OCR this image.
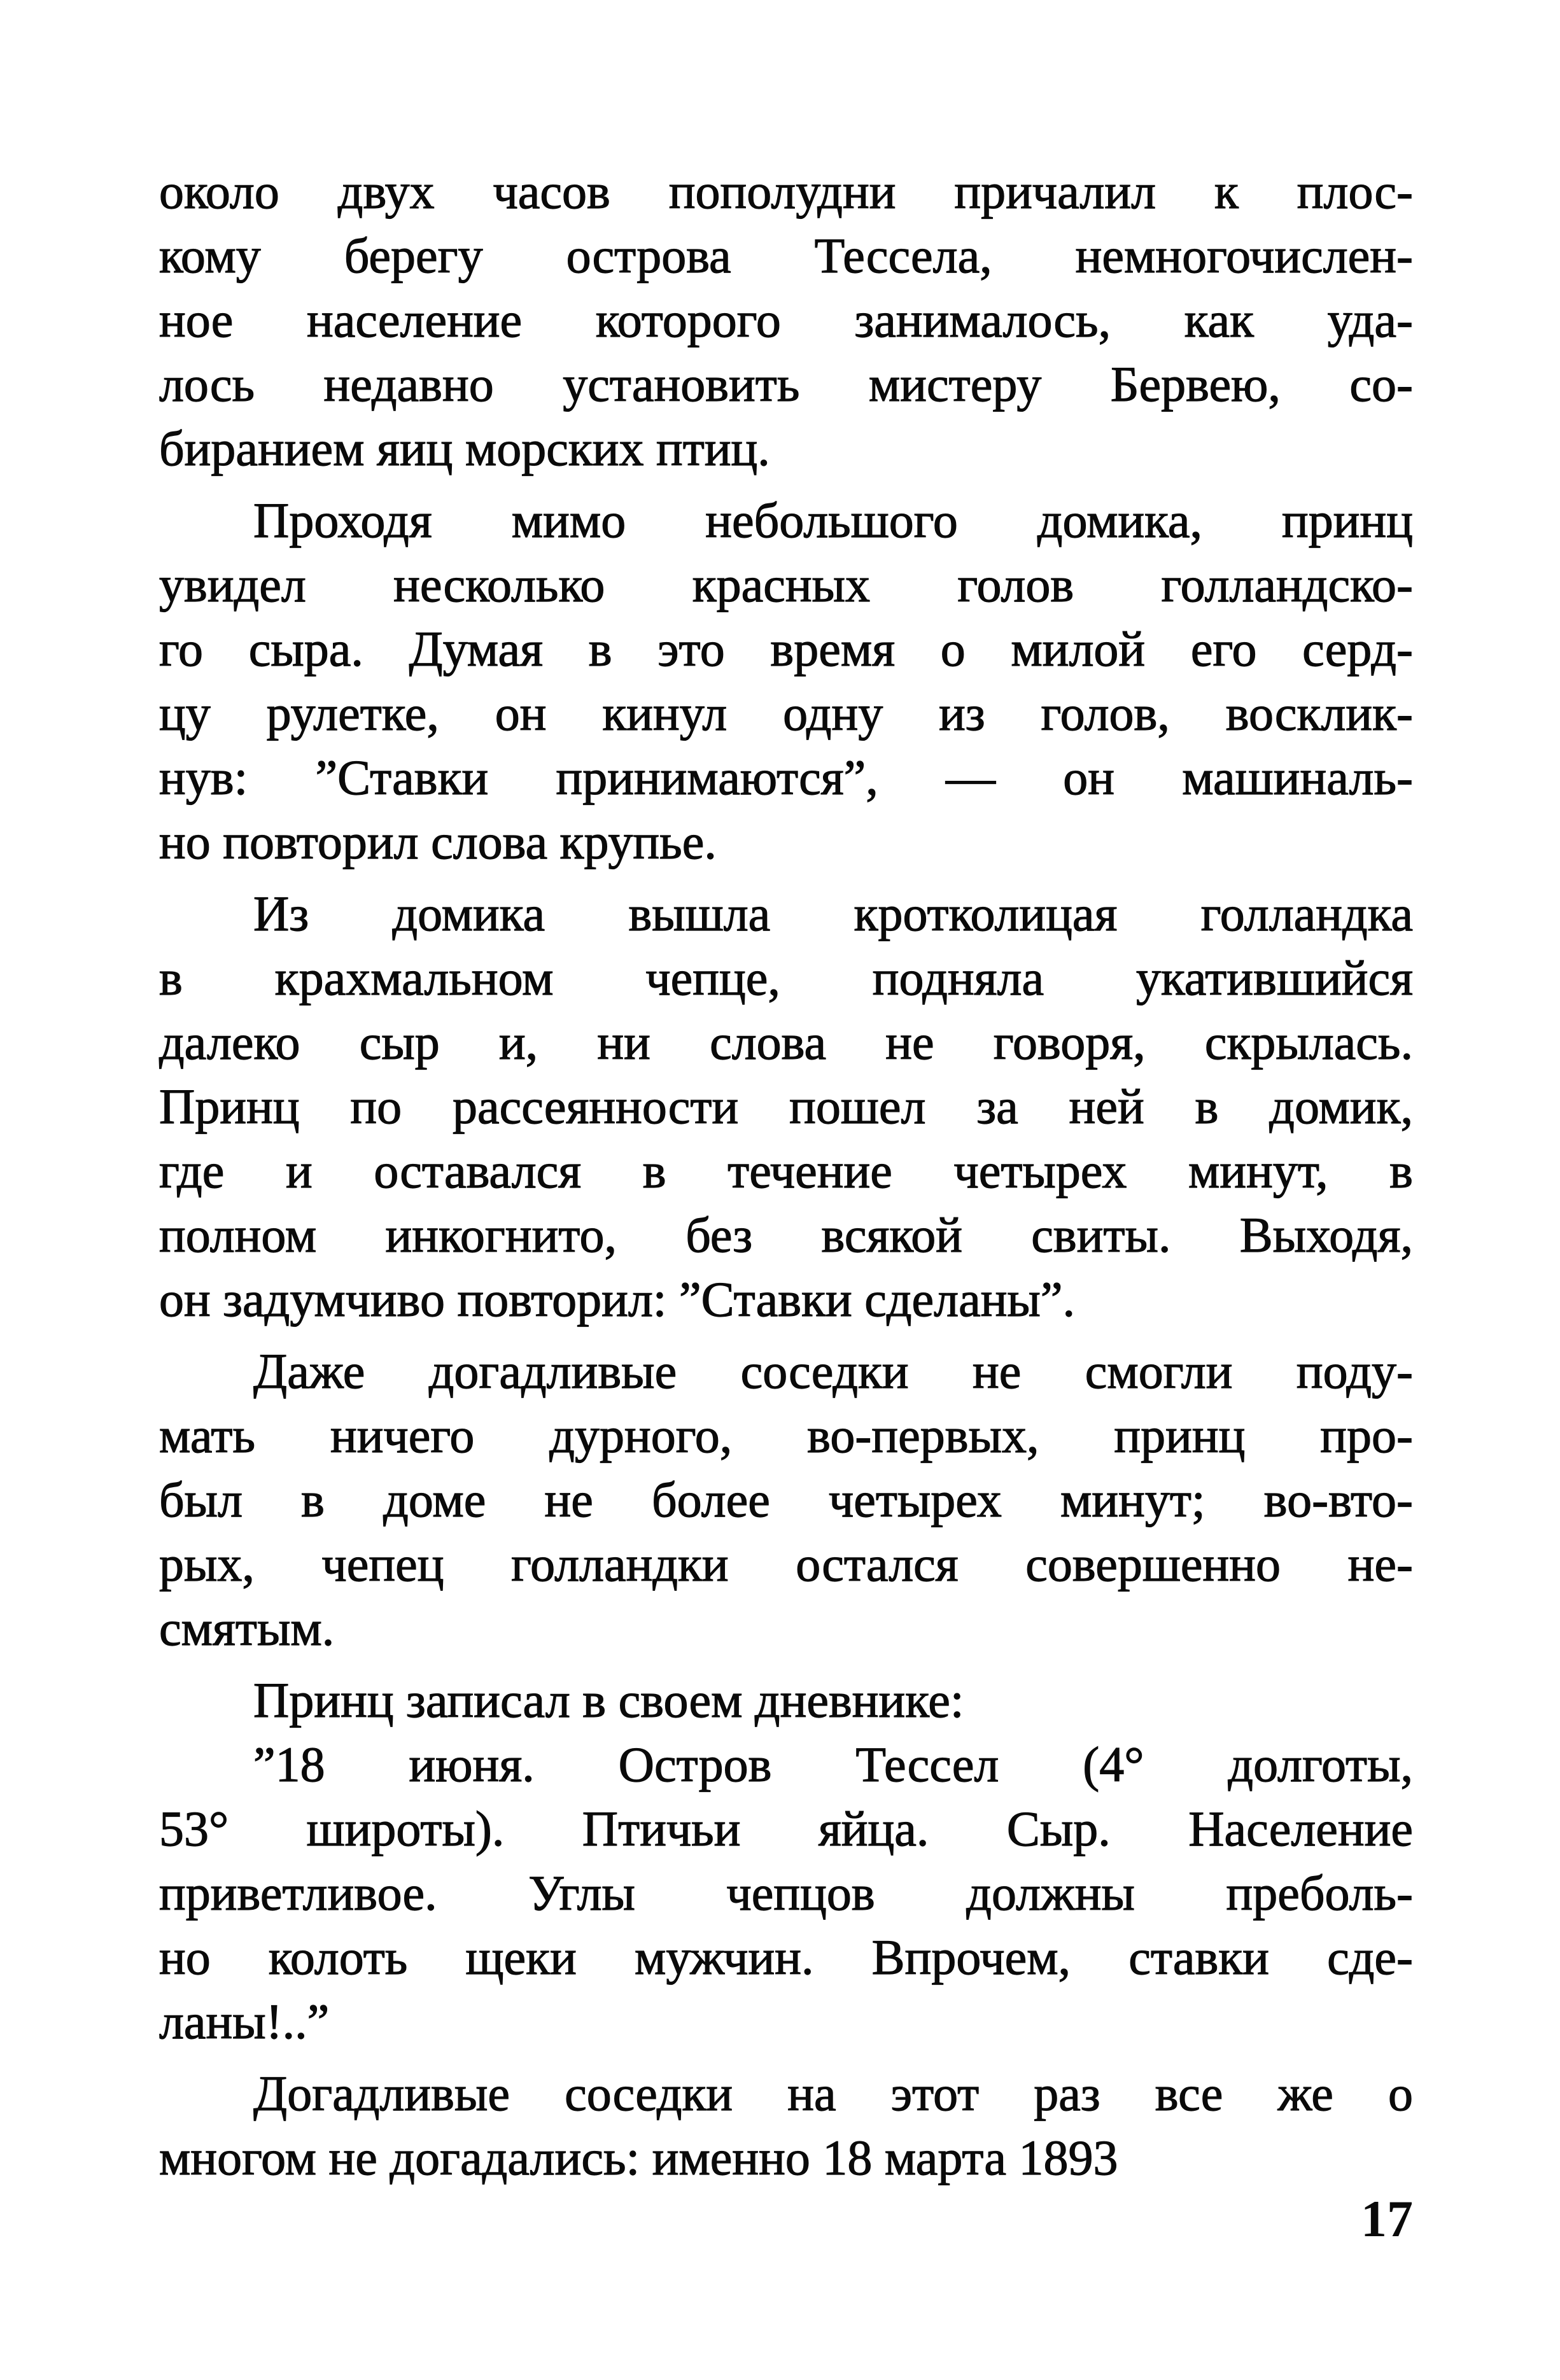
около двух часов пополудни причалил к плос-
кому берегу острова Тессела, немногочислен-
ное население которого занималось, как уда-
лось недавно установить мистеру Бервею, со-
биранием яиц морских птиц.

Проходя мимо небольшого домика, принц
увидел несколько красных голов голландско-
го сыра. Думая в это время о милой его серд-
цу рулетке, он кинул одну из голов, восклик-
нув: ”Ставки принимаются”, — он машиналь-
но повторил слова крупье.

Из домика вышла кротколицая голландка
в крахмальном чепце, подняла укатившийся
далеко сыр и, ни слова не говоря, скрылась.
Принц по рассеянности пошел за ней в домик,
где и оставался в течение четырех минут, в
полном инкогнито, без всякой свиты. Выходя,
он задумчиво повторил: ”Ставки сделаны”.

Даже догадливые соседки не смогли поду-
мать ничего дурного, во-первых, принц про-
был в доме не более четырех минут; во-вто-
рых, чепец голландки остался совершенно не-
смятым.

Принц записал в своем дневнике:

”18 июня. Остров Тессел (4° долготы,
53° широты). Птичьи яйца. Сыр. Население
приветливое. Углы чепцов должны преболь-
но колоть щеки мужчин. Впрочем, ставки сде-
ланы!..”

Догадливые соседки на этот раз все же о
многом не догадались: именно 18 марта 1893

17
